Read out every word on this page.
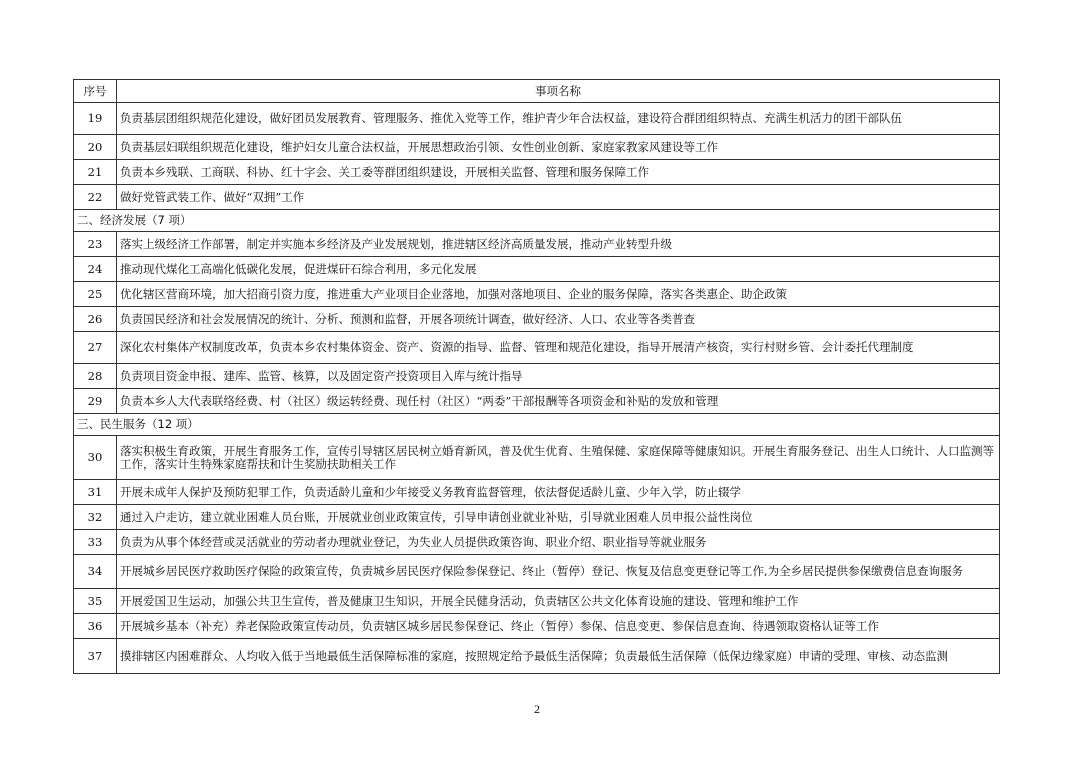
序号	事项名称
19	负责基层团组织规范化建设，做好团员发展教育、管理服务、推优入党等工作，维护青少年合法权益，建设符合群团组织特点、充满生机活力的团干部队伍
20	负责基层妇联组织规范化建设，维护妇女儿童合法权益，开展思想政治引领、女性创业创新、家庭家教家风建设等工作
21	负责本乡残联、工商联、科协、红十字会、关工委等群团组织建设，开展相关监督、管理和服务保障工作
22	做好党管武装工作、做好“双拥”工作
二、经济发展（7 项）	
23	落实上级经济工作部署，制定并实施本乡经济及产业发展规划，推进辖区经济高质量发展，推动产业转型升级
24	推动现代煤化工高端化低碳化发展，促进煤矸石综合利用，多元化发展
25	优化辖区营商环境，加大招商引资力度，推进重大产业项目企业落地，加强对落地项目、企业的服务保障，落实各类惠企、助企政策
26	负责国民经济和社会发展情况的统计、分析、预测和监督，开展各项统计调查，做好经济、人口、农业等各类普查
27	深化农村集体产权制度改革，负责本乡农村集体资金、资产、资源的指导、监督、管理和规范化建设，指导开展清产核资，实行村财乡管、会计委托代理制度
28	负责项目资金申报、建库、监管、核算，以及固定资产投资项目入库与统计指导
29	负责本乡人大代表联络经费、村（社区）级运转经费、现任村（社区）“两委”干部报酬等各项资金和补贴的发放和管理
三、民生服务（12 项）	
30	落实积极生育政策，开展生育服务工作，宣传引导辖区居民树立婚育新风，普及优生优育、生殖保健、家庭保障等健康知识。开展生育服务登记、出生人口统计、人口监测等工作，落实计生特殊家庭帮扶和计生奖励扶助相关工作
31	开展未成年人保护及预防犯罪工作，负责适龄儿童和少年接受义务教育监督管理，依法督促适龄儿童、少年入学，防止辍学
32	通过入户走访，建立就业困难人员台账，开展就业创业政策宣传，引导申请创业就业补贴，引导就业困难人员申报公益性岗位
33	负责为从事个体经营或灵活就业的劳动者办理就业登记，为失业人员提供政策咨询、职业介绍、职业指导等就业服务
34	开展城乡居民医疗救助医疗保险的政策宣传，负责城乡居民医疗保险参保登记、终止（暂停）登记、恢复及信息变更登记等工作,为全乡居民提供参保缴费信息查询服务
35	开展爱国卫生运动，加强公共卫生宣传，普及健康卫生知识，开展全民健身活动，负责辖区公共文化体育设施的建设、管理和维护工作
36	开展城乡基本（补充）养老保险政策宣传动员，负责辖区城乡居民参保登记、终止（暂停）参保、信息变更、参保信息查询、待遇领取资格认证等工作
37	摸排辖区内困难群众、人均收入低于当地最低生活保障标准的家庭，按照规定给予最低生活保障；负责最低生活保障（低保边缘家庭）申请的受理、审核、动态监测
2
